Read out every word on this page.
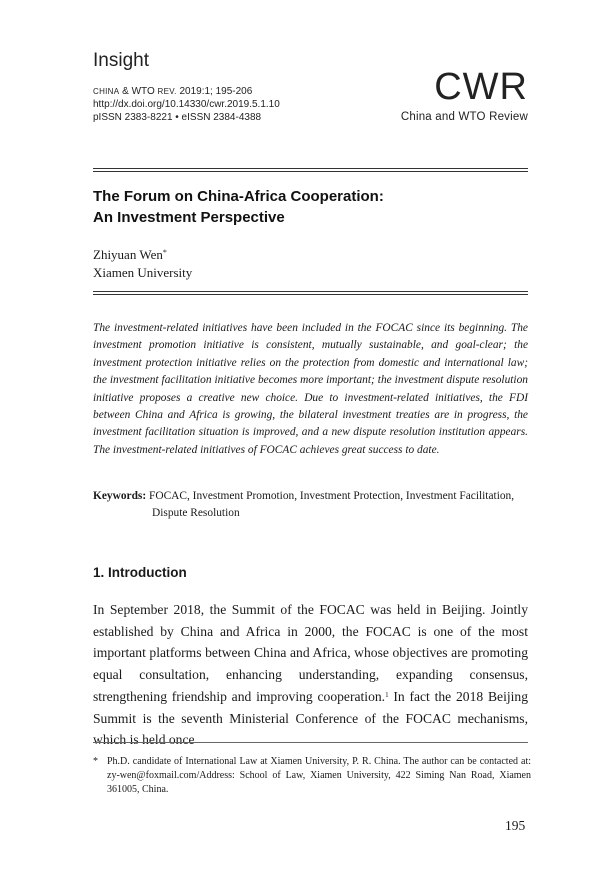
Insight
CHINA & WTO REV. 2019:1; 195-206
http://dx.doi.org/10.14330/cwr.2019.5.1.10
pISSN 2383-8221 • eISSN 2384-4388
CWR
China and WTO Review
The Forum on China-Africa Cooperation:
An Investment Perspective
Zhiyuan Wen*
Xiamen University

The investment-related initiatives have been included in the FOCAC since its beginning. The investment promotion initiative is consistent, mutually sustainable, and goal-clear; the investment protection initiative relies on the protection from domestic and international law; the investment facilitation initiative becomes more important; the investment dispute resolution initiative proposes a creative new choice. Due to investment-related initiatives, the FDI between China and Africa is growing, the bilateral investment treaties are in progress, the investment facilitation situation is improved, and a new dispute resolution institution appears. The investment-related initiatives of FOCAC achieves great success to date.

Keywords: FOCAC, Investment Promotion, Investment Protection, Investment Facilitation,
Dispute Resolution
1. Introduction

In September 2018, the Summit of the FOCAC was held in Beijing. Jointly established by China and Africa in 2000, the FOCAC is one of the most important platforms between China and Africa, whose objectives are promoting equal consultation, enhancing understanding, expanding consensus, strengthening friendship and improving cooperation.$^1$ In fact the 2018 Beijing Summit is the seventh Ministerial Conference of the FOCAC mechanisms, which is held once

* Ph.D. candidate of International Law at Xiamen University, P. R. China. The author can be contacted at: zy-wen@foxmail.com/Address: School of Law, Xiamen University, 422 Siming Nan Road, Xiamen 361005, China.
195
